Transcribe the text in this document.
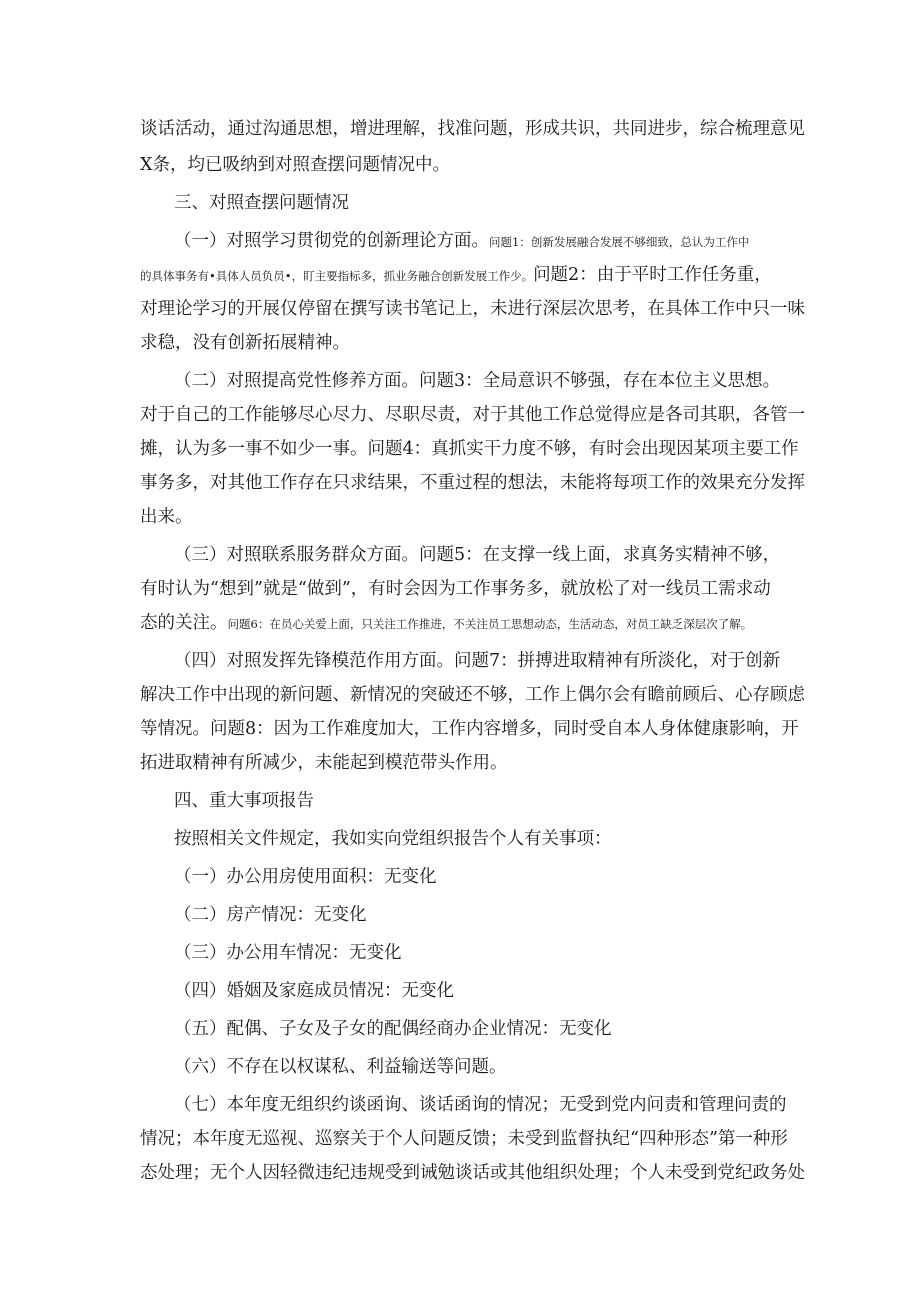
谈话活动，通过沟通思想，增进理解，找准问题，形成共识，共同进步，综合梳理意见
X条，均已吸纳到对照查摆问题情况中。
三、对照查摆问题情况
（一）对照学习贯彻党的创新理论方面。问题1：创新发展融合发展不够细致，总认为工作中
的具体事务有•具体人员负员•，盯主要指标多，抓业务融合创新发展工作少。问题2：由于平时工作任务重，
对理论学习的开展仅停留在撰写读书笔记上，未进行深层次思考，在具体工作中只一味
求稳，没有创新拓展精神。
（二）对照提高党性修养方面。问题3：全局意识不够强，存在本位主义思想。
对于自己的工作能够尽心尽力、尽职尽责，对于其他工作总觉得应是各司其职，各管一
摊，认为多一事不如少一事。问题4：真抓实干力度不够，有时会出现因某项主要工作
事务多，对其他工作存在只求结果，不重过程的想法，未能将每项工作的效果充分发挥
出来。
（三）对照联系服务群众方面。问题5：在支撑一线上面，求真务实精神不够，
有时认为“想到”就是“做到”，有时会因为工作事务多，就放松了对一线员工需求动
态的关注。问题6：在员心关爱上面，只关注工作推进，不关注员工思想动态，生活动态，对员工缺乏深层次了解。
（四）对照发挥先锋模范作用方面。问题7：拼搏进取精神有所淡化，对于创新
解决工作中出现的新问题、新情况的突破还不够，工作上偶尔会有瞻前顾后、心存顾虑
等情况。问题8：因为工作难度加大，工作内容增多，同时受自本人身体健康影响，开
拓进取精神有所减少，未能起到模范带头作用。
四、重大事项报告
按照相关文件规定，我如实向党组织报告个人有关事项：
（一）办公用房使用面积：无变化
（二）房产情况：无变化
（三）办公用车情况：无变化
（四）婚姻及家庭成员情况：无变化
（五）配偶、子女及子女的配偶经商办企业情况：无变化
（六）不存在以权谋私、利益输送等问题。
（七）本年度无组织约谈函询、谈话函询的情况；无受到党内问责和管理问责的
情况；本年度无巡视、巡察关于个人问题反馈；未受到监督执纪“四种形态”第一种形
态处理；无个人因轻微违纪违规受到诫勉谈话或其他组织处理；个人未受到党纪政务处
